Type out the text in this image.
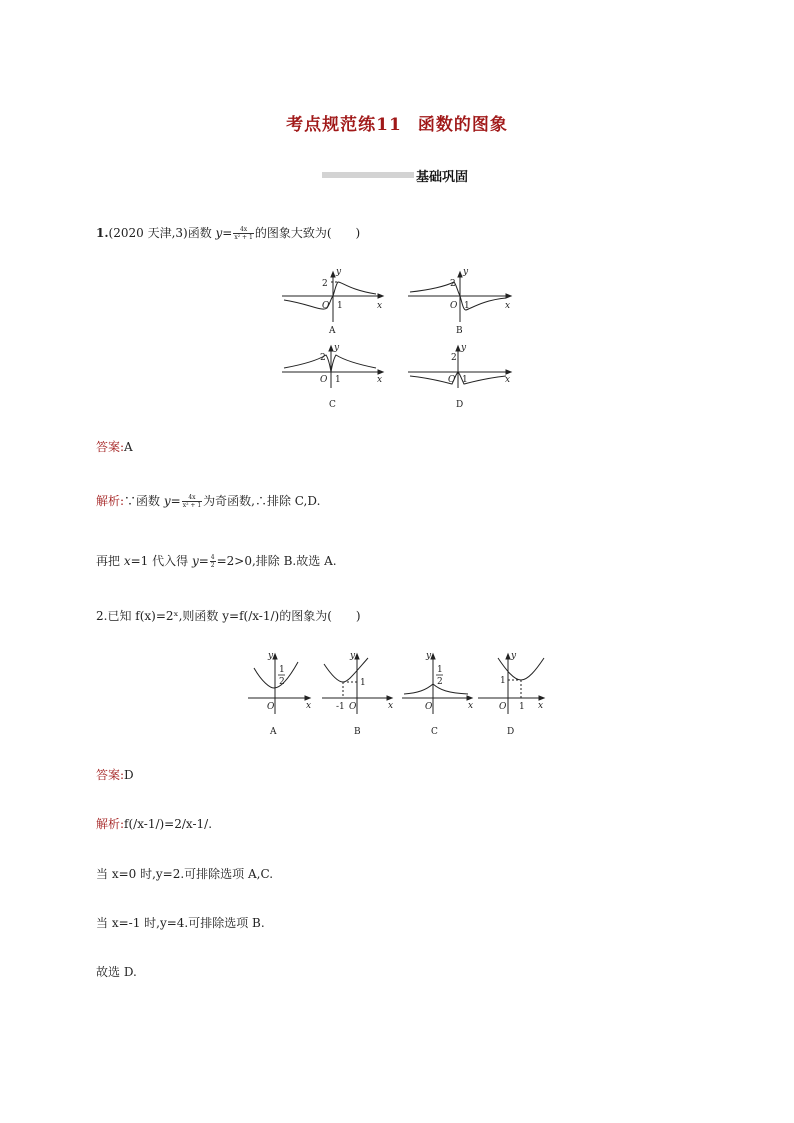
考点规范练11 函数的图象
基础巩固
1.(2020 天津,3)函数 $y= \frac{4x}{\text{x² + 1}}$ 的图象大致为(　　)
2
y
O 1	x
A
2
y
O 1	x
B
2
y
O 1	x
C
2
y
O 1	x
D
答案:A
解析:∵函数 $y= \frac{4x}{\text{x² + 1}}$ 为奇函数,∴排除 C,D.
再把 x=1 代入得 $y= \frac{4}{2} =2>0$,排除 B.故选 A.
2.已知 f(x)=2ˣ,则函数 y=f(/x-1/)的图象为(　　)
y
1
2
O	x
A
y
1
-1 O	x
B
y
1
2
O	x
C
y
1
O 1 x
D
答案:D
解析:f(/x-1/)=2/x-1/.
当 x=0 时,y=2.可排除选项 A,C.
当 x=-1 时,y=4.可排除选项 B.
故选 D.
